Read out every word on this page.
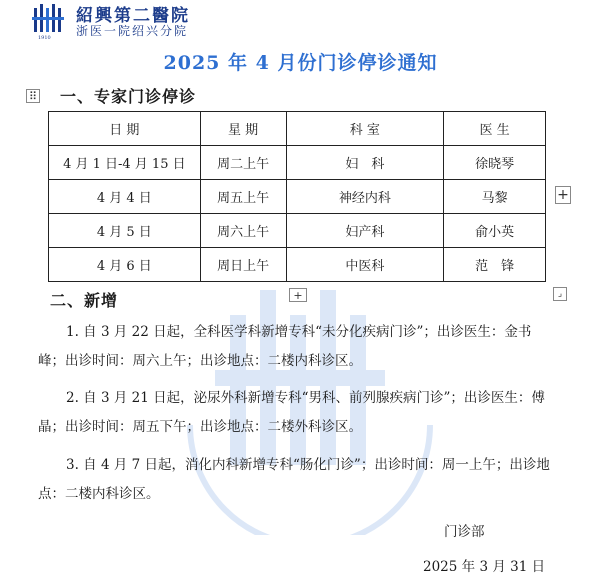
1910
紹興第二醫院
浙医一院绍兴分院
2025 年 4 月份门诊停诊通知
⠿ 一、专家门诊停诊
日 期	星 期	科 室	医 生
4 月 1 日-4 月 15 日	周二上午	妇　科	徐晓琴
4 月 4 日	周五上午	神经内科	马黎
4 月 5 日	周六上午	妇产科	俞小英
4 月 6 日	周日上午	中医科	范　锋
+
+	⌟
二、新增
1. 自 3 月 22 日起，全科医学科新增专科“未分化疾病门诊”；出诊医生：金书峰；出诊时间：周六上午；出诊地点：二楼内科诊区。
2. 自 3 月 21 日起，泌尿外科新增专科“男科、前列腺疾病门诊”；出诊医生：傅晶；出诊时间：周五下午；出诊地点：二楼外科诊区。
3. 自 4 月 7 日起，消化内科新增专科“肠化门诊”；出诊时间：周一上午；出诊地点：二楼内科诊区。
门诊部
2025 年 3 月 31 日
